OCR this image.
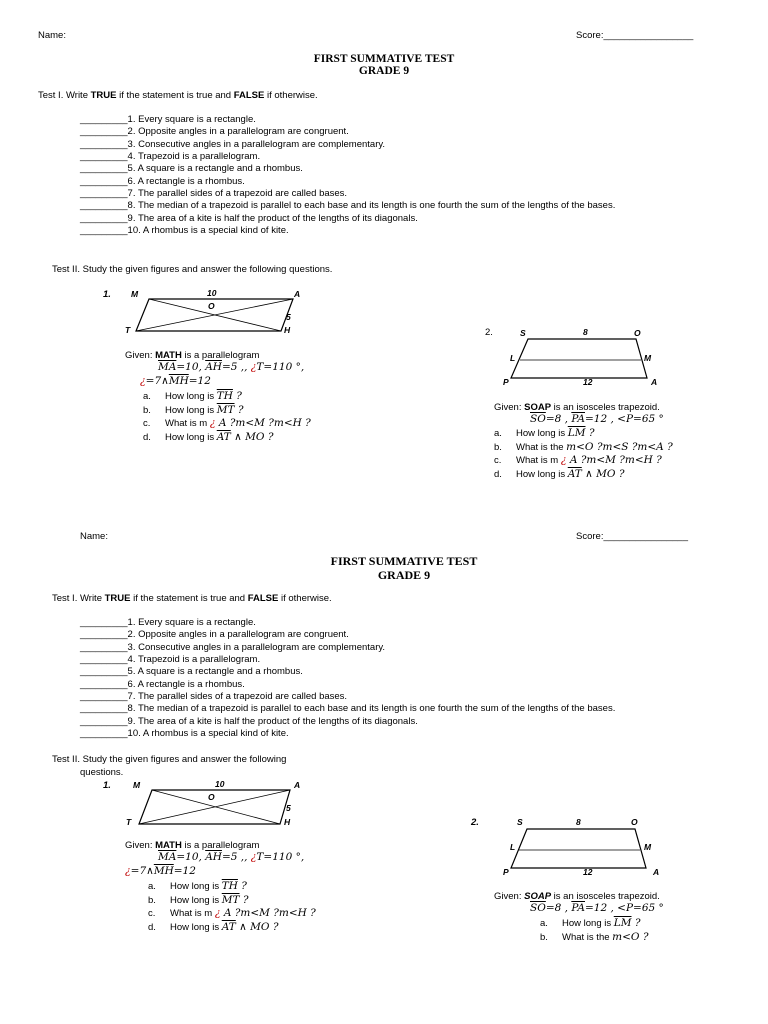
Name:	Score:_________________
FIRST SUMMATIVE TEST
GRADE 9
Test I. Write TRUE if the statement is true and FALSE if otherwise.
_________1. Every square is a rectangle.
_________2. Opposite angles in a parallelogram are congruent.
_________3. Consecutive angles in a parallelogram are complementary.
_________4. Trapezoid is a parallelogram.
_________5. A square is a rectangle and a rhombus.
_________6. A rectangle is a rhombus.
_________7. The parallel sides of a trapezoid are called bases.
_________8. The median of a trapezoid is parallel to each base and its length is one fourth the sum of the lengths of the bases.
_________9. The area of a kite is half the product of the lengths of its diagonals.
_________10. A rhombus is a special kind of kite.
Test II. Study the given figures and answer the following questions.
1. M	10	A
O
5
T	H
Given: MATH is a parallelogram
$\overline{MA}=10$, $\overline{AH}=5$ ,, ¿T=110 °,
¿$=7\wedge\overline{MH}=12$
a. How long is $\overline{TH}$ ?
b. How long is $\overline{MT}$ ?
c. What is m ¿ A ?m<M ?m<H ?
d. How long is $\overline{AT}$ ∧ MO ?
2.	S	8	O
L	M
P	12	A
Given: SOAP is an isosceles trapezoid.
$\overline{SO}=8$ , $\overline{PA}=12$ , <P=65 °
a. How long is $\overline{LM}$ ?
b. What is the m<O ?m<S ?m<A ?
c. What is m ¿ A ?m<M ?m<H ?
d. How long is $\overline{AT}$ ∧ MO ?
Name:	Score:________________
FIRST SUMMATIVE TEST
GRADE 9
Test I. Write TRUE if the statement is true and FALSE if otherwise.
_________1. Every square is a rectangle.
_________2. Opposite angles in a parallelogram are congruent.
_________3. Consecutive angles in a parallelogram are complementary.
_________4. Trapezoid is a parallelogram.
_________5. A square is a rectangle and a rhombus.
_________6. A rectangle is a rhombus.
_________7. The parallel sides of a trapezoid are called bases.
_________8. The median of a trapezoid is parallel to each base and its length is one fourth the sum of the lengths of the bases.
_________9. The area of a kite is half the product of the lengths of its diagonals.
_________10. A rhombus is a special kind of kite.
Test II. Study the given figures and answer the following
questions.
1.	M	10	A
O
5
T	H
Given: MATH is a parallelogram
$\overline{MA}=10$, $\overline{AH}=5$ ,, ¿T=110 °,
¿$=7\wedge\overline{MH}=12$
a. How long is $\overline{TH}$ ?
b. How long is $\overline{MT}$ ?
c. What is m ¿ A ?m<M ?m<H ?
d. How long is $\overline{AT}$ ∧ MO ?
2.	S	8	O
L	M
P	12	A
Given: SOAP is an isosceles trapezoid.
$\overline{SO}=8$ , $\overline{PA}=12$ , <P=65 °
a. How long is $\overline{LM}$ ?
b. What is the m<O ?
